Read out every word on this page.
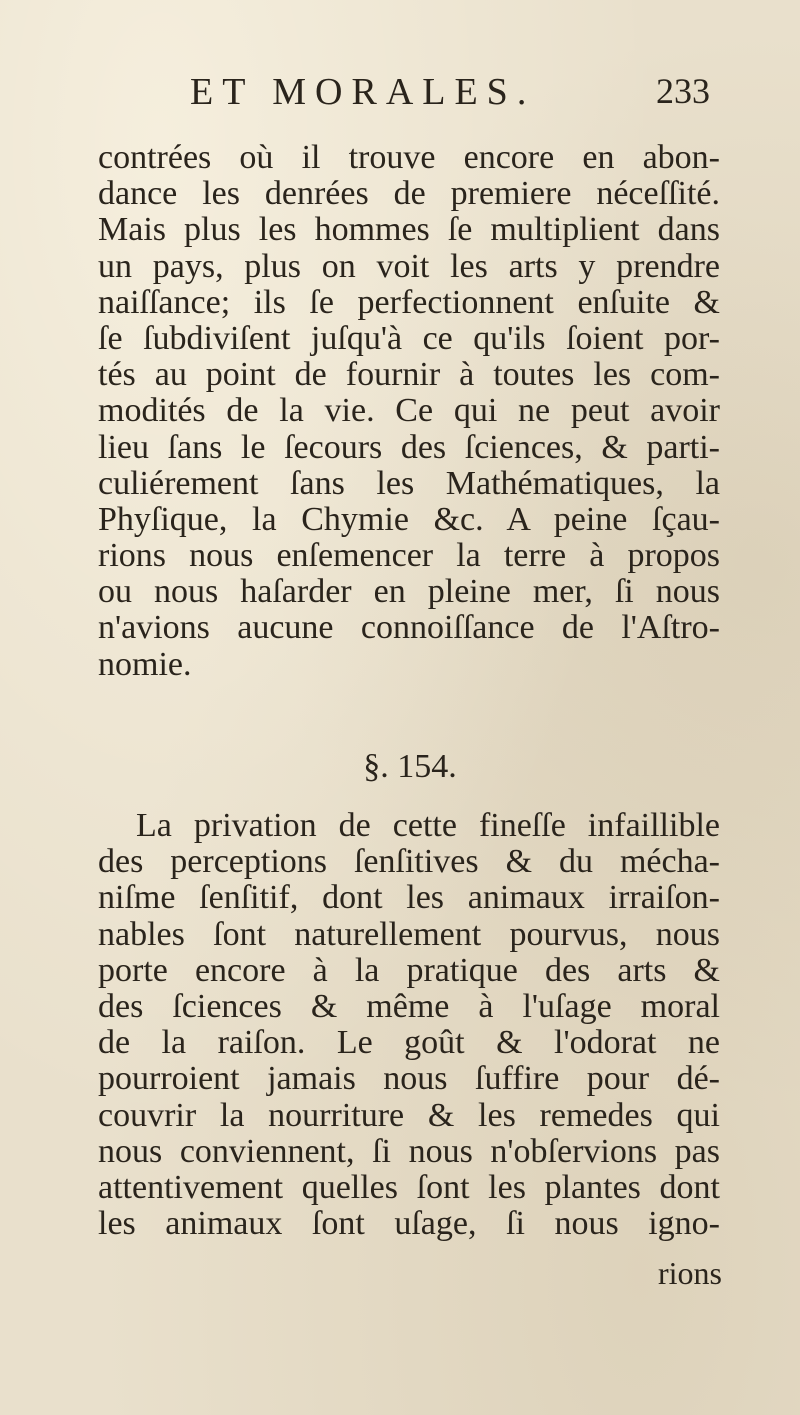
ET MORALES.	233
contrées où il trouve encore en abon-
dance les denrées de premiere néceſſité.
Mais plus les hommes ſe multiplient dans
un pays, plus on voit les arts y prendre
naiſſance; ils ſe perfectionnent enſuite &
ſe ſubdiviſent juſqu'à ce qu'ils ſoient por-
tés au point de fournir à toutes les com-
modités de la vie. Ce qui ne peut avoir
lieu ſans le ſecours des ſciences, & parti-
culiérement ſans les Mathématiques, la
Phyſique, la Chymie &c. A peine ſçau-
rions nous enſemencer la terre à propos
ou nous haſarder en pleine mer, ſi nous
n'avions aucune connoiſſance de l'Aſtro-
nomie.
§. 154.
La privation de cette fineſſe infaillible
des perceptions ſenſitives & du mécha-
niſme ſenſitif, dont les animaux irraiſon-
nables ſont naturellement pourvus, nous
porte encore à la pratique des arts &
des ſciences & même à l'uſage moral
de la raiſon. Le goût & l'odorat ne
pourroient jamais nous ſuffire pour dé-
couvrir la nourriture & les remedes qui
nous conviennent, ſi nous n'obſervions pas
attentivement quelles ſont les plantes dont
les animaux ſont uſage, ſi nous igno-
rions
